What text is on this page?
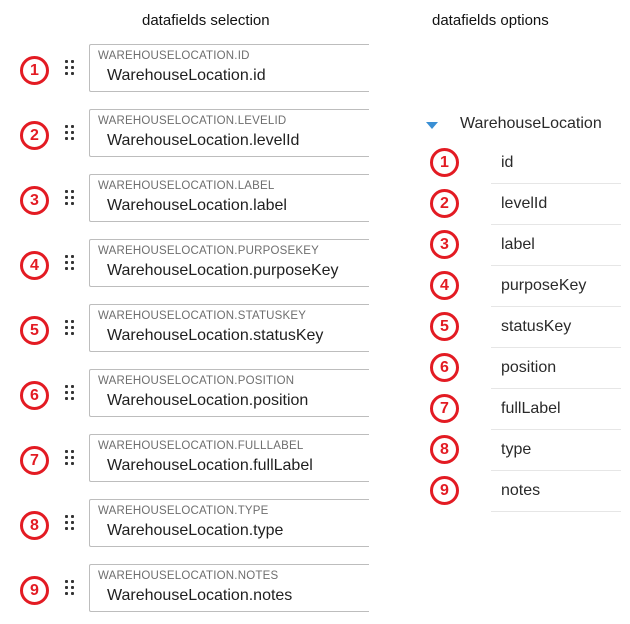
datafields selection	datafields options
1
WAREHOUSELOCATION.ID
WarehouseLocation.id
2
WAREHOUSELOCATION.LEVELID
WarehouseLocation.levelId
3
WAREHOUSELOCATION.LABEL
WarehouseLocation.label
4
WAREHOUSELOCATION.PURPOSEKEY
WarehouseLocation.purposeKey
5
WAREHOUSELOCATION.STATUSKEY
WarehouseLocation.statusKey
6
WAREHOUSELOCATION.POSITION
WarehouseLocation.position
7
WAREHOUSELOCATION.FULLLABEL
WarehouseLocation.fullLabel
8
WAREHOUSELOCATION.TYPE
WarehouseLocation.type
9
WAREHOUSELOCATION.NOTES
WarehouseLocation.notes
WarehouseLocation
1	id
2	levelId
3	label
4	purposeKey
5	statusKey
6	position
7	fullLabel
8	type
9	notes
